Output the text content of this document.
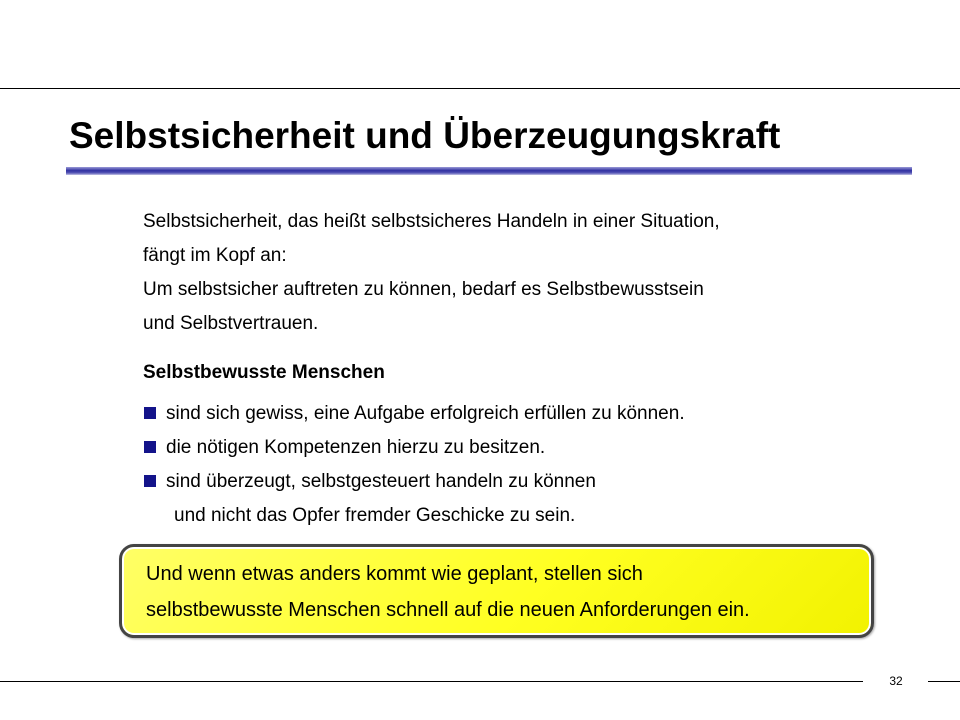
Selbstsicherheit und Überzeugungskraft

Selbstsicherheit, das heißt selbstsicheres Handeln in einer Situation,

fängt im Kopf an:

Um selbstsicher auftreten zu können, bedarf es Selbstbewusstsein

und Selbstvertrauen.

Selbstbewusste Menschen
sind sich gewiss, eine Aufgabe erfolgreich erfüllen zu können.
die nötigen Kompetenzen hierzu zu besitzen.
sind überzeugt, selbstgesteuert handeln zu können
und nicht das Opfer fremder Geschicke zu sein.
Und wenn etwas anders kommt wie geplant, stellen sich
selbstbewusste Menschen schnell auf die neuen Anforderungen ein.
32
